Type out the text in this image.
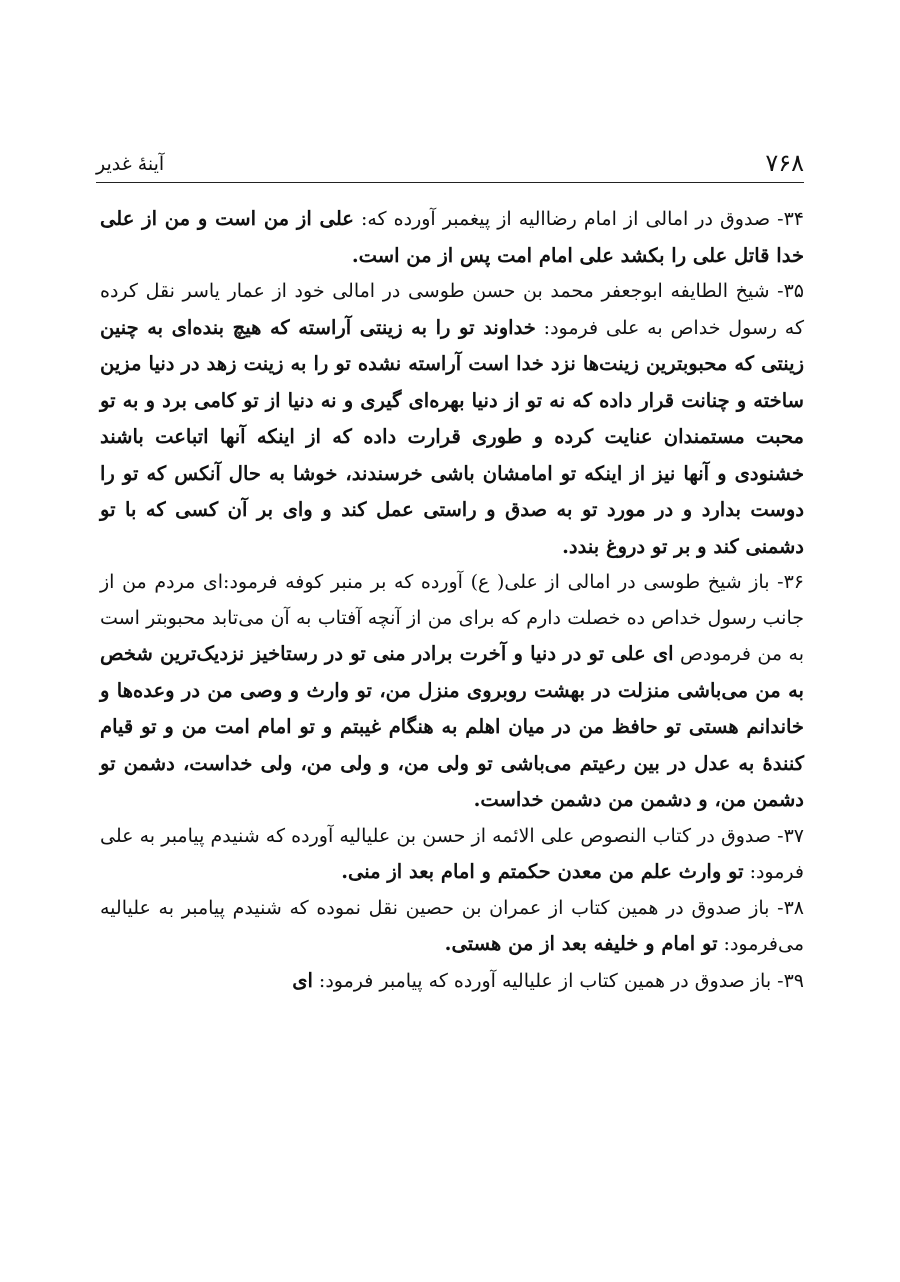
۷۶۸
آینهٔ غدیر

۳۴- صدوق در امالی از امام رضااليه از پیغمبر آورده که: علی از من است و من از علی خدا قاتل علی را بکشد علی امام امت پس از من است.

۳۵- شیخ الطایفه ابوجعفر محمد بن حسن طوسی در امالی خود از عمار یاسر نقل کرده که رسول خداص به علی فرمود: خداوند تو را به زینتی آراسته که هیچ بنده‌ای به چنین زینتی که محبوبترین زینت‌ها نزد خدا است آراسته نشده تو را به زینت زهد در دنیا مزین ساخته و چنانت قرار داده که نه تو از دنیا بهره‌ای گیری و نه دنیا از تو کامی برد و به تو محبت مستمندان عنایت کرده و طوری قرارت داده که از اینکه آنها اتباعت باشند خشنودی و آنها نیز از اینکه تو امامشان باشی خرسندند، خوشا به حال آنکس که تو را دوست بدارد و در مورد تو به صدق و راستی عمل کند و وای بر آن کسی که با تو دشمنی کند و بر تو دروغ بندد.

۳۶- باز شیخ طوسی در امالی از علی( ع) آورده که بر منبر کوفه فرمود:ای مردم من از جانب رسول خداص ده خصلت دارم که برای من از آنچه آفتاب به آن می‌تابد محبوبتر است به من فرمودص ای علی تو در دنیا و آخرت برادر منی تو در رستاخیز نزدیک‌ترین شخص به من می‌باشی منزلت در بهشت روبروی منزل من، تو وارث و وصی من در وعده‌ها و خاندانم هستی تو حافظ من در میان اهلم به هنگام غیبتم و تو امام امت من و تو قیام کنندهٔ به عدل در بین رعیتم می‌باشی تو ولی من، و ولی من، ولی خداست، دشمن تو دشمن من، و دشمن من دشمن خداست.

۳۷- صدوق در کتاب النصوص علی الائمه از حسن بن علیاليه آورده که شنیدم پیامبر به علی فرمود: تو وارث علم من معدن حکمتم و امام بعد از منی.

۳۸- باز صدوق در همین کتاب از عمران بن حصین نقل نموده که شنیدم پیامبر به علیاليه می‌فرمود: تو امام و خلیفه بعد از من هستی.

۳۹- باز صدوق در همین کتاب از علیاليه آورده که پیامبر فرمود: ای
